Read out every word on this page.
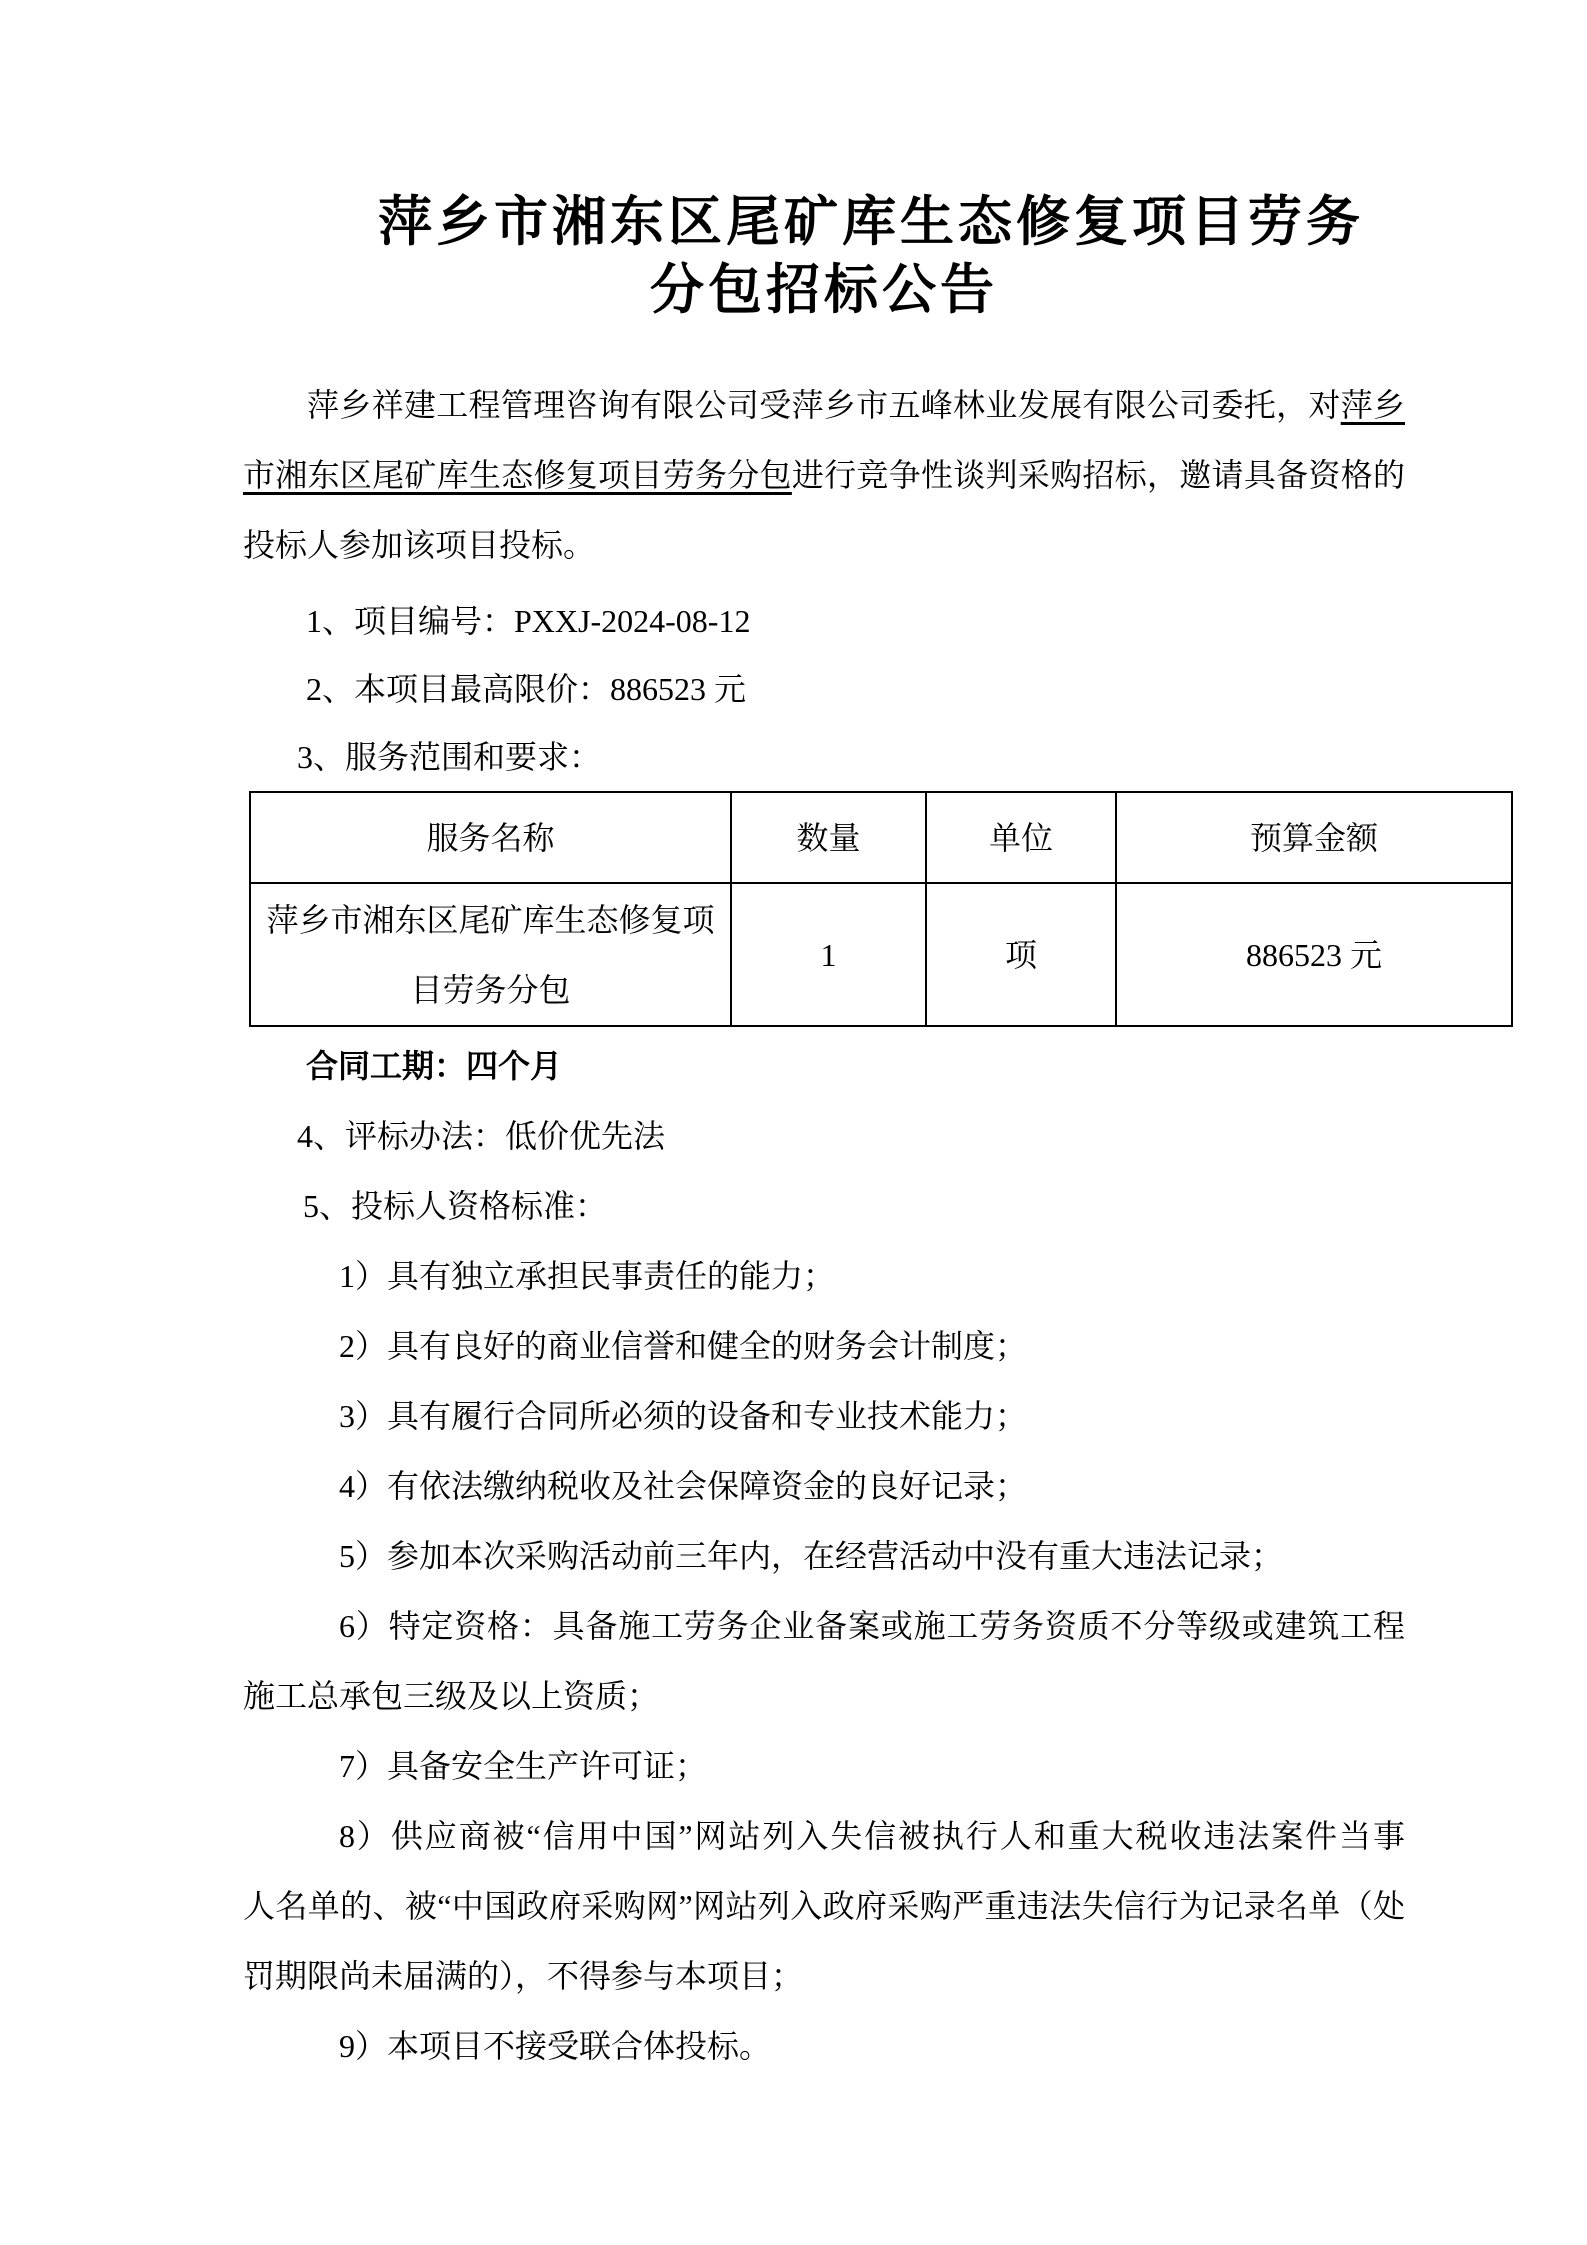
萍乡市湘东区尾矿库生态修复项目劳务
分包招标公告
萍乡祥建工程管理咨询有限公司受萍乡市五峰林业发展有限公司委托，对萍乡
市湘东区尾矿库生态修复项目劳务分包进行竞争性谈判采购招标，邀请具备资格的
投标人参加该项目投标。
1、项目编号：PXXJ-2024-08-12
2、本项目最高限价：886523 元
3、服务范围和要求：
服务名称	数量	单位	预算金额
萍乡市湘东区尾矿库生态修复项目劳务分包	1	项	886523 元
合同工期：四个月
4、评标办法：低价优先法
5、投标人资格标准：
1）具有独立承担民事责任的能力；
2）具有良好的商业信誉和健全的财务会计制度；
3）具有履行合同所必须的设备和专业技术能力；
4）有依法缴纳税收及社会保障资金的良好记录；
5）参加本次采购活动前三年内，在经营活动中没有重大违法记录；
6）特定资格：具备施工劳务企业备案或施工劳务资质不分等级或建筑工程
施工总承包三级及以上资质；
7）具备安全生产许可证；
8）供应商被“信用中国”网站列入失信被执行人和重大税收违法案件当事
人名单的、被“中国政府采购网”网站列入政府采购严重违法失信行为记录名单（处
罚期限尚未届满的），不得参与本项目；
9）本项目不接受联合体投标。
